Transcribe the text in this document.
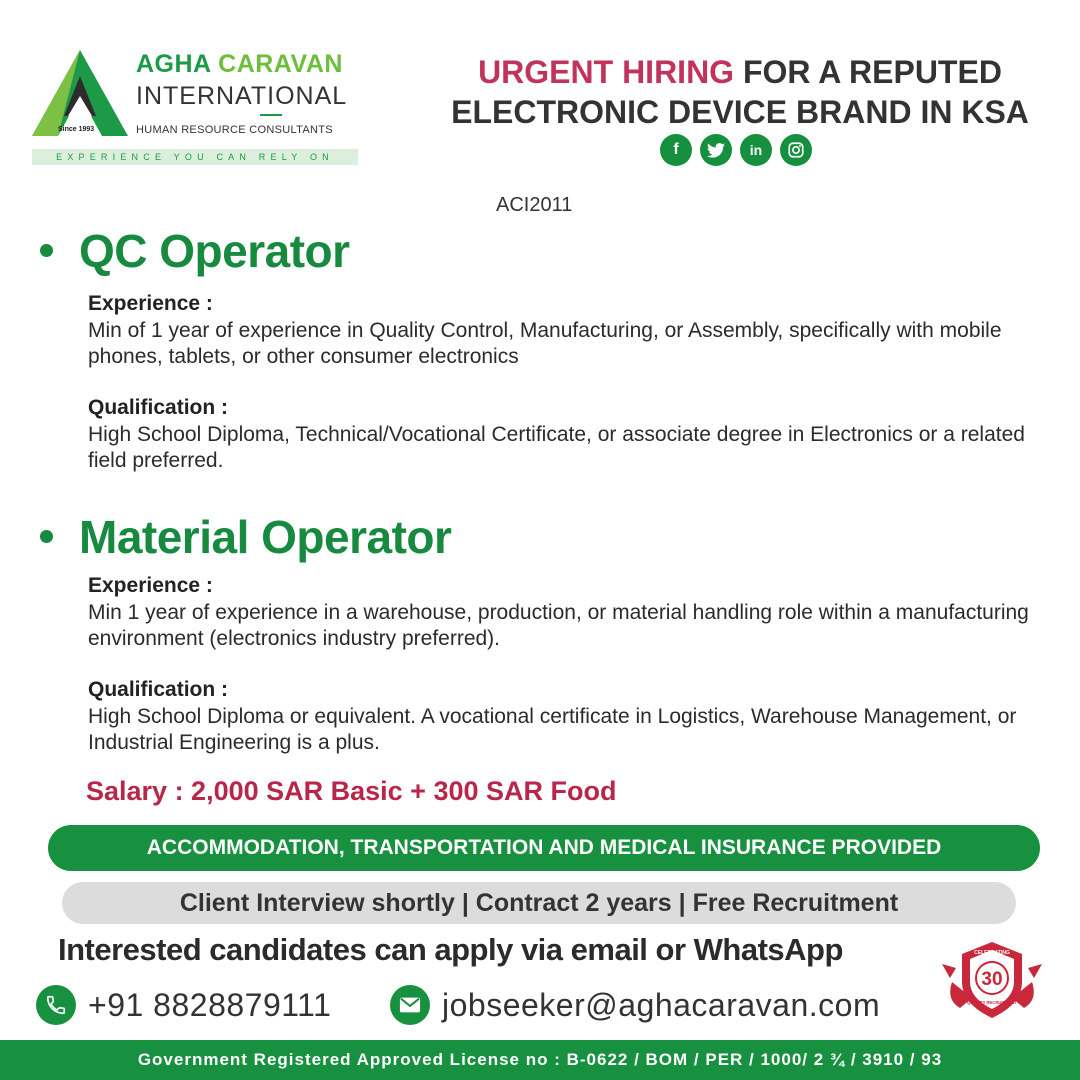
Since 1993
AGHA CARAVAN
INTERNATIONAL
HUMAN RESOURCE CONSULTANTS
EXPERIENCE YOU CAN RELY ON
URGENT HIRING FOR A REPUTED
ELECTRONIC DEVICE BRAND IN KSA
f	in
ACI2011
QC Operator
Experience :
Min of 1 year of experience in Quality Control, Manufacturing, or Assembly, specifically with mobile phones, tablets, or other consumer electronics
Qualification :
High School Diploma, Technical/Vocational Certificate, or associate degree in Electronics or a related field preferred.
Material Operator
Experience :
Min 1 year of experience in a warehouse, production, or material handling role within a manufacturing environment (electronics industry preferred).
Qualification :
High School Diploma or equivalent. A vocational certificate in Logistics, Warehouse Management, or Industrial Engineering is a plus.
Salary : 2,000 SAR Basic + 300 SAR Food
ACCOMMODATION, TRANSPORTATION AND MEDICAL INSURANCE PROVIDED
Client Interview shortly | Contract 2 years | Free Recruitment
Interested candidates can apply via email or WhatsApp
+91 8828879111	jobseeker@aghacaravan.com
30
CELEBRATING
QUALITY RECRUITMENT
Government Registered Approved License no : B-0622 / BOM / PER / 1000/ 2 ¾ / 3910 / 93
